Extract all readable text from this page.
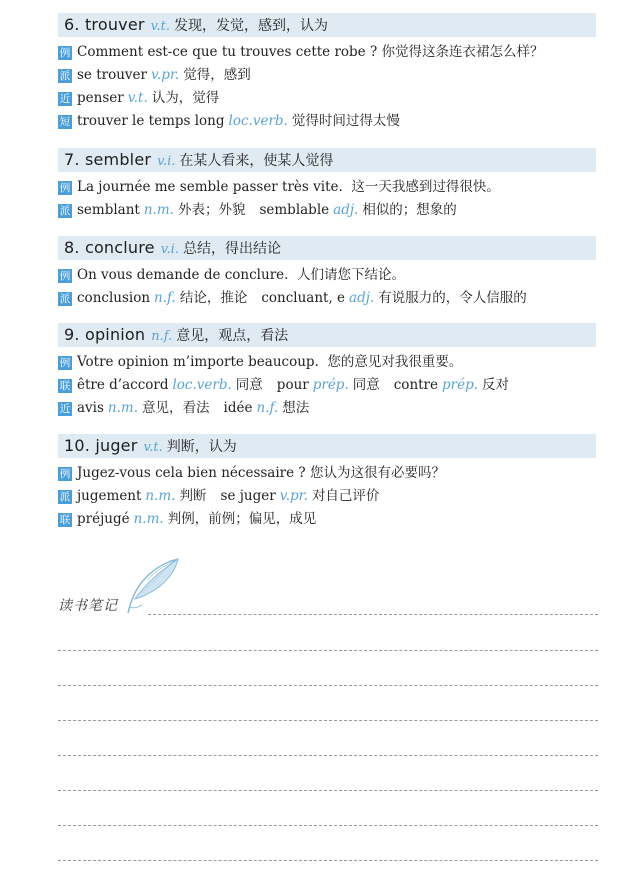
6. trouver v.t. 发现，发觉，感到，认为
例 Comment est-ce que tu trouves cette robe ? 你觉得这条连衣裙怎么样？
派 se trouver v.pr. 觉得，感到
近 penser v.t. 认为，觉得
短 trouver le temps long loc.verb. 觉得时间过得太慢
7. sembler v.i. 在某人看来，使某人觉得
例 La journée me semble passer très vite.  这一天我感到过得很快。
派 semblant n.m. 外表；外貌 semblable adj. 相似的；想象的
8. conclure v.i. 总结，得出结论
例 On vous demande de conclure.  人们请您下结论。
派 conclusion n.f. 结论，推论 concluant, e adj. 有说服力的，令人信服的
9. opinion n.f. 意见，观点，看法
例 Votre opinion m’importe beaucoup.  您的意见对我很重要。
联 être d’accord loc.verb. 同意 pour prép. 同意 contre prép. 反对
近 avis n.m. 意见，看法 idée n.f. 想法
10. juger v.t. 判断，认为
例 Jugez-vous cela bien nécessaire ? 您认为这很有必要吗？
派 jugement n.m. 判断 se juger v.pr. 对自己评价
联 préjugé n.m. 判例，前例；偏见，成见
读书笔记
